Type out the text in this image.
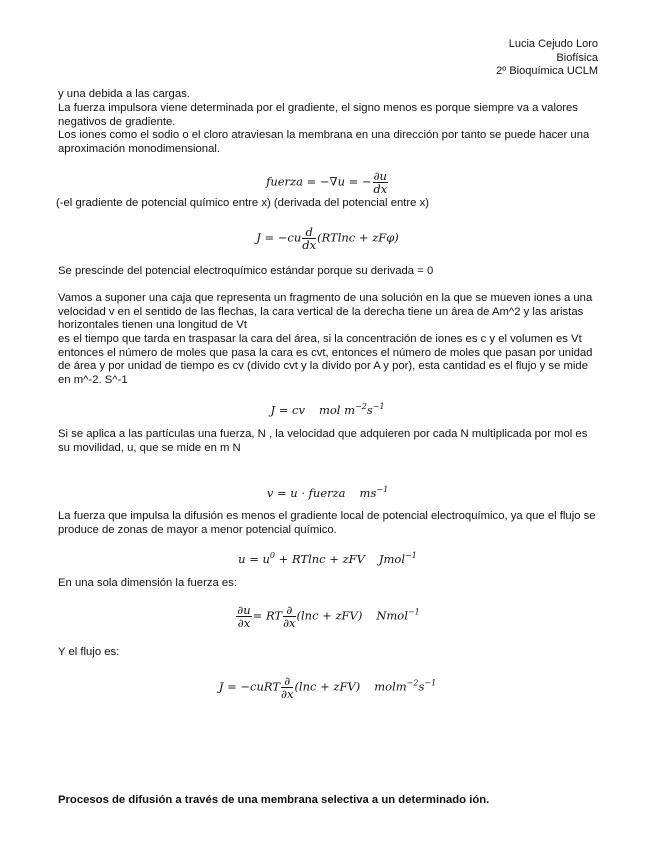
Lucia Cejudo Loro
Biofísica
2º Bioquímica UCLM

y una debida a las cargas.

La fuerza impulsora viene determinada por el gradiente, el signo menos es porque siempre va a valores negativos de gradiente.

Los iones como el sodio o el cloro atraviesan la membrana en una dirección por tanto se puede hacer una aproximación monodimensional.

fuerza = −∇u = − $\frac{\partial u}{dx}$

(-el gradiente de potencial químico entre x) (derivada del potencial entre x)

$J = -cu \frac{d}{dx} (RTlnc + zF\varphi)$

Se prescinde del potencial electroquímico estándar porque su derivada = 0

Vamos a suponer una caja que representa un fragmento de una solución en la que se mueven iones a una velocidad v en el sentido de las flechas, la cara vertical de la derecha tiene un área de Am^2 y las aristas horizontales tienen una longitud de Vt

es el tiempo que tarda en traspasar la cara del área, si la concentración de iones es c y el volumen es Vt entonces el número de moles que pasa la cara es cvt, entonces el número de moles que pasan por unidad de área y por unidad de tiempo es cv (divido cvt y la divido por A y por), esta cantidad es el flujo y se mide en m^-2. S^-1

J = cv mol $m^{-2}s^{-1}$

Si se aplica a las partículas una fuerza, N , la velocidad que adquieren por cada N multiplicada por mol es su movilidad, u, que se mide en m N

v = u · fuerza $ms^{-1}$

La fuerza que impulsa la difusión es menos el gradiente local de potencial electroquímico, ya que el flujo se produce de zonas de mayor a menor potencial químico.

$u = u^0 + RTlnc$ + zFV Jmol$^{-1}$

En una sola dimensión la fuerza es:

$\frac{\partial u}{\partial x}$ = RT $\frac{\partial}{\partial x} (\ln c + zFV)$ Nmol$^{-1}$

Y el flujo es:

J = −cuRT $\frac{\partial}{\partial x} (\ln c + zFV)$ $molm^{-2}s^{-1}$

Procesos de difusión a través de una membrana selectiva a un determinado ión.
